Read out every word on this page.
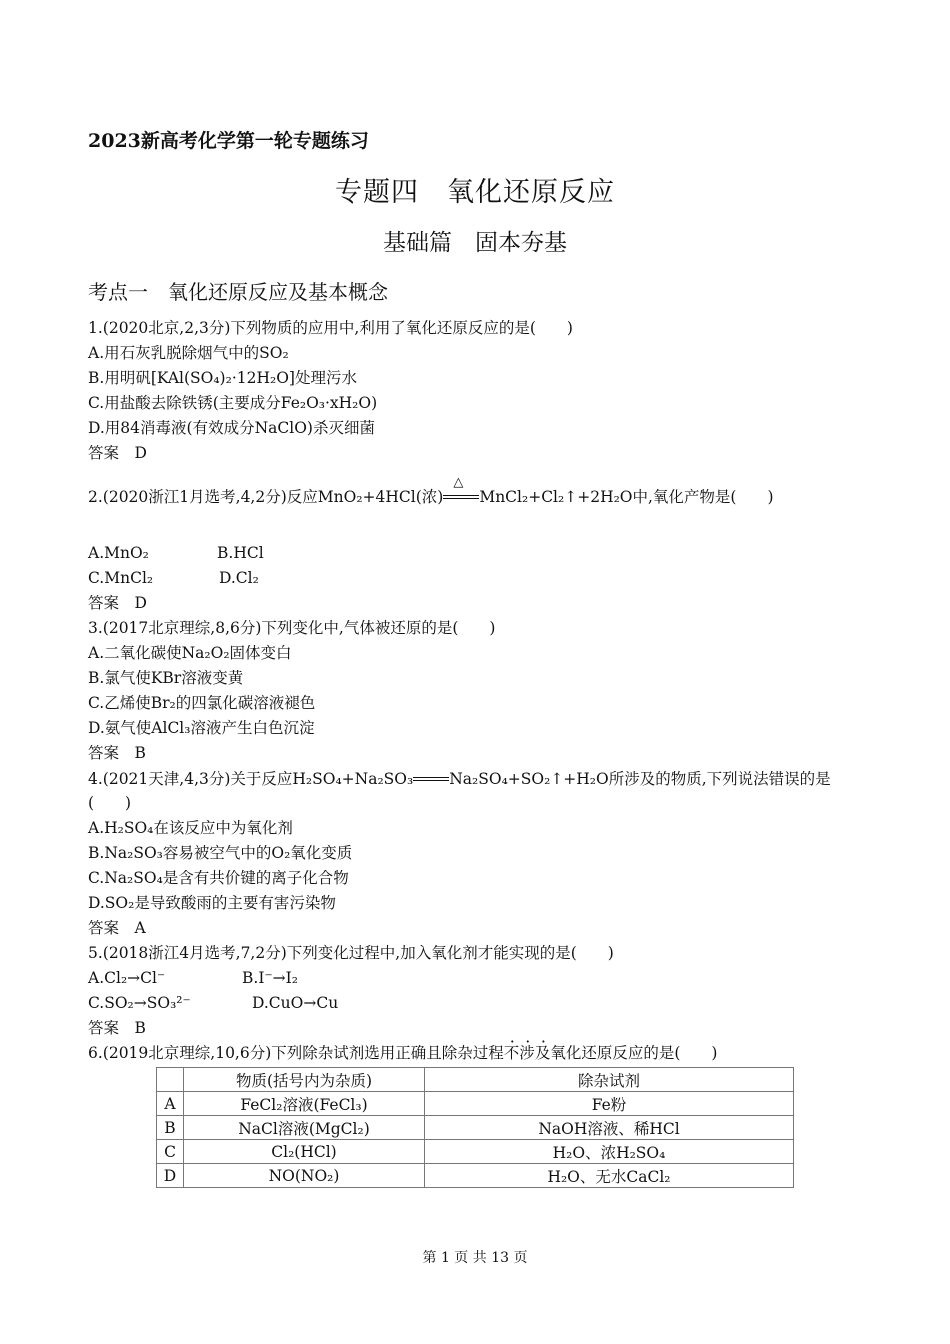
2023新高考化学第一轮专题练习
专题四　氧化还原反应
基础篇　固本夯基
考点一　氧化还原反应及基本概念
1.(2020北京,2,3分)下列物质的应用中,利用了氧化还原反应的是(　　)
A.用石灰乳脱除烟气中的SO₂
B.用明矾[KAl(SO₄)₂·12H₂O]处理污水
C.用盐酸去除铁锈(主要成分Fe₂O₃·xH₂O)
D.用84消毒液(有效成分NaClO)杀灭细菌
答案　D
2.(2020浙江1月选考,4,2分)反应MnO₂+4HCl(浓)
△
MnCl₂+Cl₂↑+2H₂O中,氧化产物是(　　)
A.MnO₂	B.HCl
C.MnCl₂	D.Cl₂
答案　D
3.(2017北京理综,8,6分)下列变化中,气体被还原的是(　　)
A.二氧化碳使Na₂O₂固体变白
B.氯气使KBr溶液变黄
C.乙烯使Br₂的四氯化碳溶液褪色
D.氨气使AlCl₃溶液产生白色沉淀
答案　B
4.(2021天津,4,3分)关于反应H₂SO₄+Na₂SO₃ Na₂SO₄+SO₂↑+H₂O所涉及的物质,下列说法错误的是
(　　)
A.H₂SO₄在该反应中为氧化剂
B.Na₂SO₃容易被空气中的O₂氧化变质
C.Na₂SO₄是含有共价键的离子化合物
D.SO₂是导致酸雨的主要有害污染物
答案　A
5.(2018浙江4月选考,7,2分)下列变化过程中,加入氧化剂才能实现的是(　　)
A.Cl₂→Cl⁻	B.I⁻→I₂
C.SO₂→SO₃²⁻	D.CuO→Cu
答案　B
6.(2019北京理综,10,6分)下列除杂试剂选用正确且除杂过程不涉及氧化还原反应的是(　　)
	物质(括号内为杂质)	除杂试剂
A	FeCl₂溶液(FeCl₃)	Fe粉
B	NaCl溶液(MgCl₂)	NaOH溶液、稀HCl
C	Cl₂(HCl)	H₂O、浓H₂SO₄
D	NO(NO₂)	H₂O、无水CaCl₂
第 1 页 共 13 页
